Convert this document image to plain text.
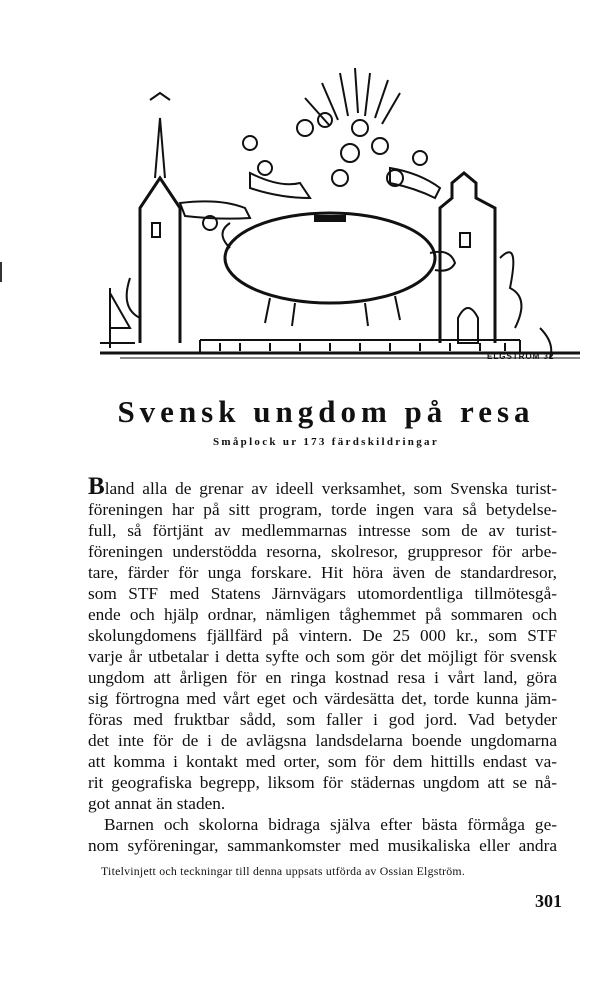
ELGSTRÖM 32
Svensk ungdom på resa
Småplock ur 173 färdskildringar
Bland alla de grenar av ideell verksamhet, som Svenska turist-
föreningen har på sitt program, torde ingen vara så betydelse-
full, så förtjänt av medlemmarnas intresse som de av turist-
föreningen understödda resorna, skolresor, gruppresor för arbe-
tare, färder för unga forskare. Hit höra även de standardresor,
som STF med Statens Järnvägars utomordentliga tillmötesgå-
ende och hjälp ordnar, nämligen tåghemmet på sommaren och
skolungdomens fjällfärd på vintern. De 25 000 kr., som STF
varje år utbetalar i detta syfte och som gör det möjligt för svensk
ungdom att årligen för en ringa kostnad resa i vårt land, göra
sig förtrogna med vårt eget och värdesätta det, torde kunna jäm-
föras med fruktbar sådd, som faller i god jord. Vad betyder
det inte för de i de avlägsna landsdelarna boende ungdomarna
att komma i kontakt med orter, som för dem hittills endast va-
rit geografiska begrepp, liksom för städernas ungdom att se nå-
got annat än staden.
Barnen och skolorna bidraga själva efter bästa förmåga ge-
nom syföreningar, sammankomster med musikaliska eller andra
Titelvinjett och teckningar till denna uppsats utförda av Ossian Elgström.
301
